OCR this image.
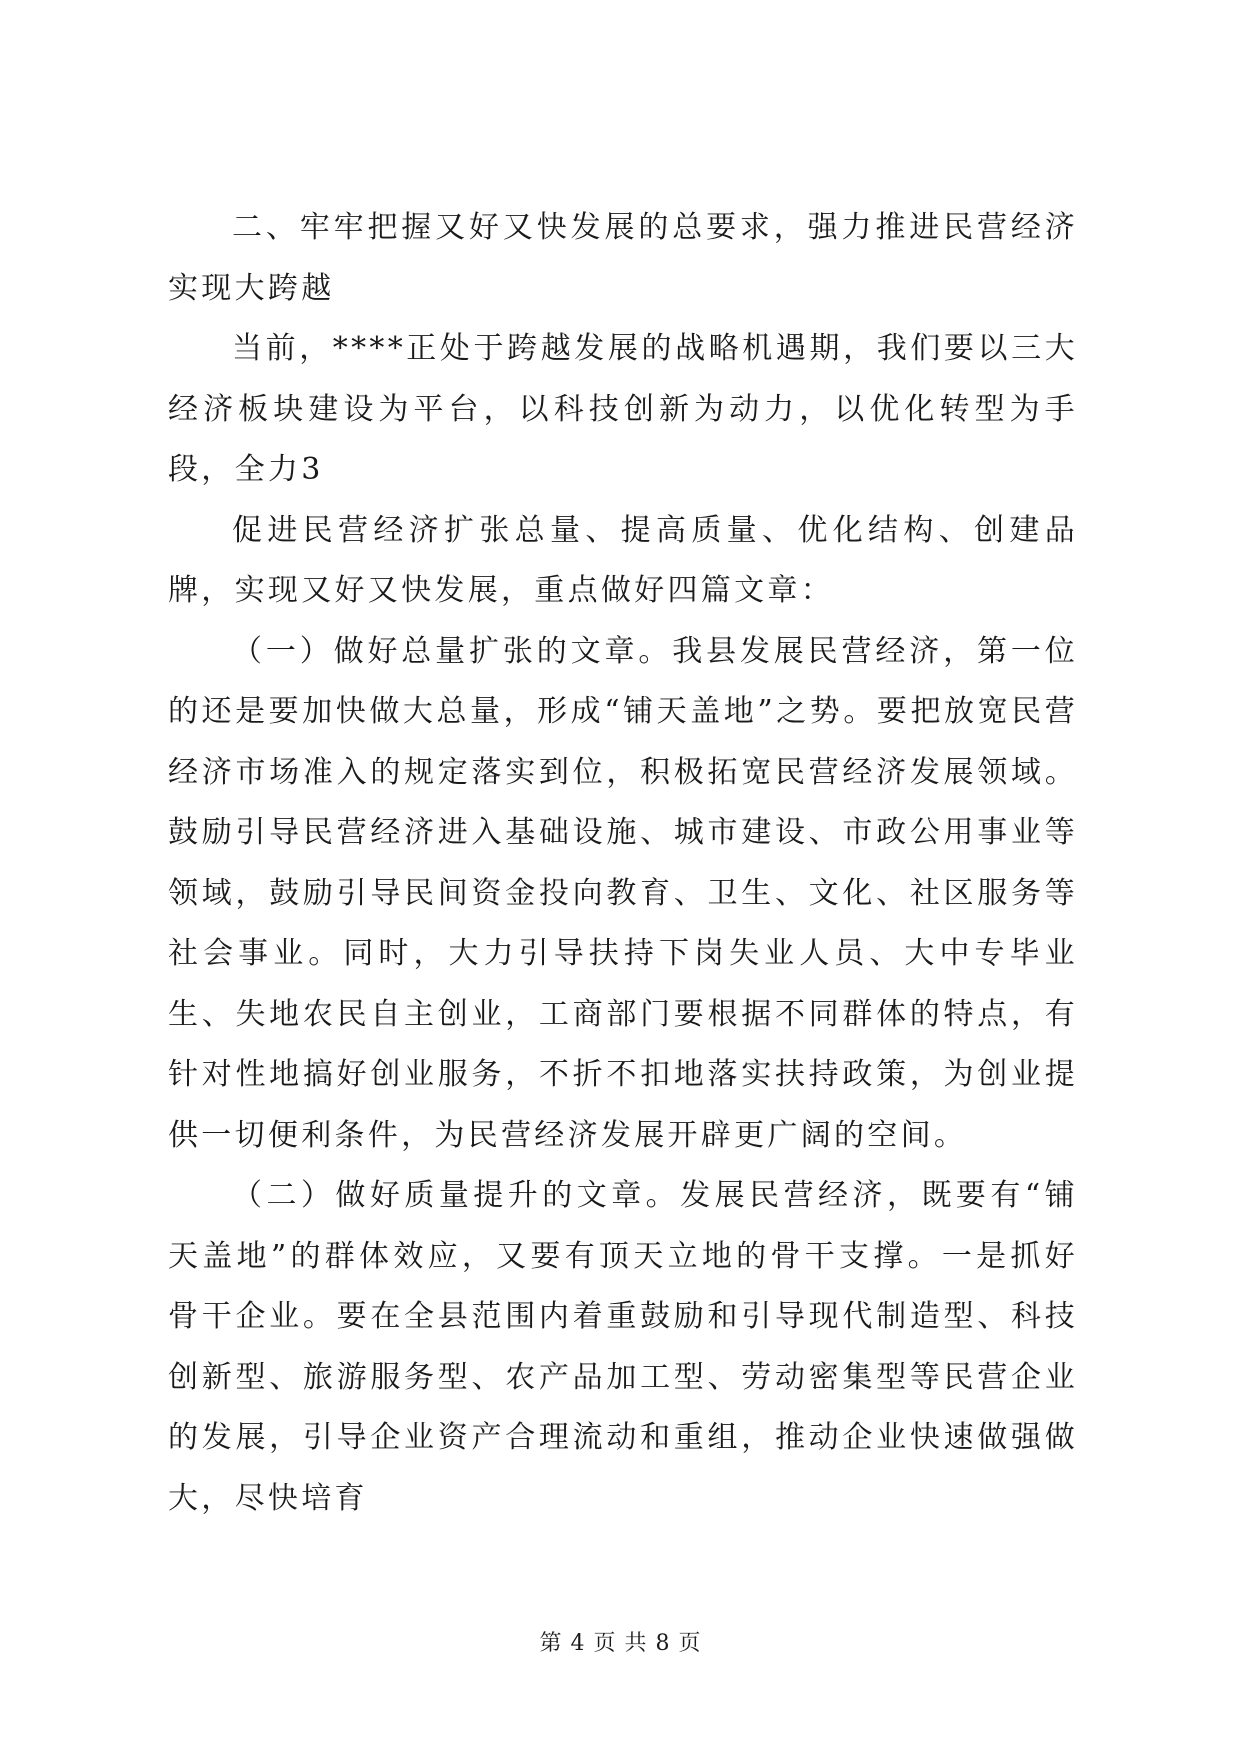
二、牢牢把握又好又快发展的总要求，强力推进民营经济实现大跨越

当前，****正处于跨越发展的战略机遇期，我们要以三大经济板块建设为平台，以科技创新为动力，以优化转型为手段，全力3

促进民营经济扩张总量、提高质量、优化结构、创建品牌，实现又好又快发展，重点做好四篇文章：

（一）做好总量扩张的文章。我县发展民营经济，第一位的还是要加快做大总量，形成“铺天盖地”之势。要把放宽民营经济市场准入的规定落实到位，积极拓宽民营经济发展领域。鼓励引导民营经济进入基础设施、城市建设、市政公用事业等领域，鼓励引导民间资金投向教育、卫生、文化、社区服务等社会事业。同时，大力引导扶持下岗失业人员、大中专毕业生、失地农民自主创业，工商部门要根据不同群体的特点，有针对性地搞好创业服务，不折不扣地落实扶持政策，为创业提供一切便利条件，为民营经济发展开辟更广阔的空间。

（二）做好质量提升的文章。发展民营经济，既要有“铺天盖地”的群体效应，又要有顶天立地的骨干支撑。一是抓好骨干企业。要在全县范围内着重鼓励和引导现代制造型、科技创新型、旅游服务型、农产品加工型、劳动密集型等民营企业的发展，引导企业资产合理流动和重组，推动企业快速做强做大，尽快培育

第 4 页 共 8 页
